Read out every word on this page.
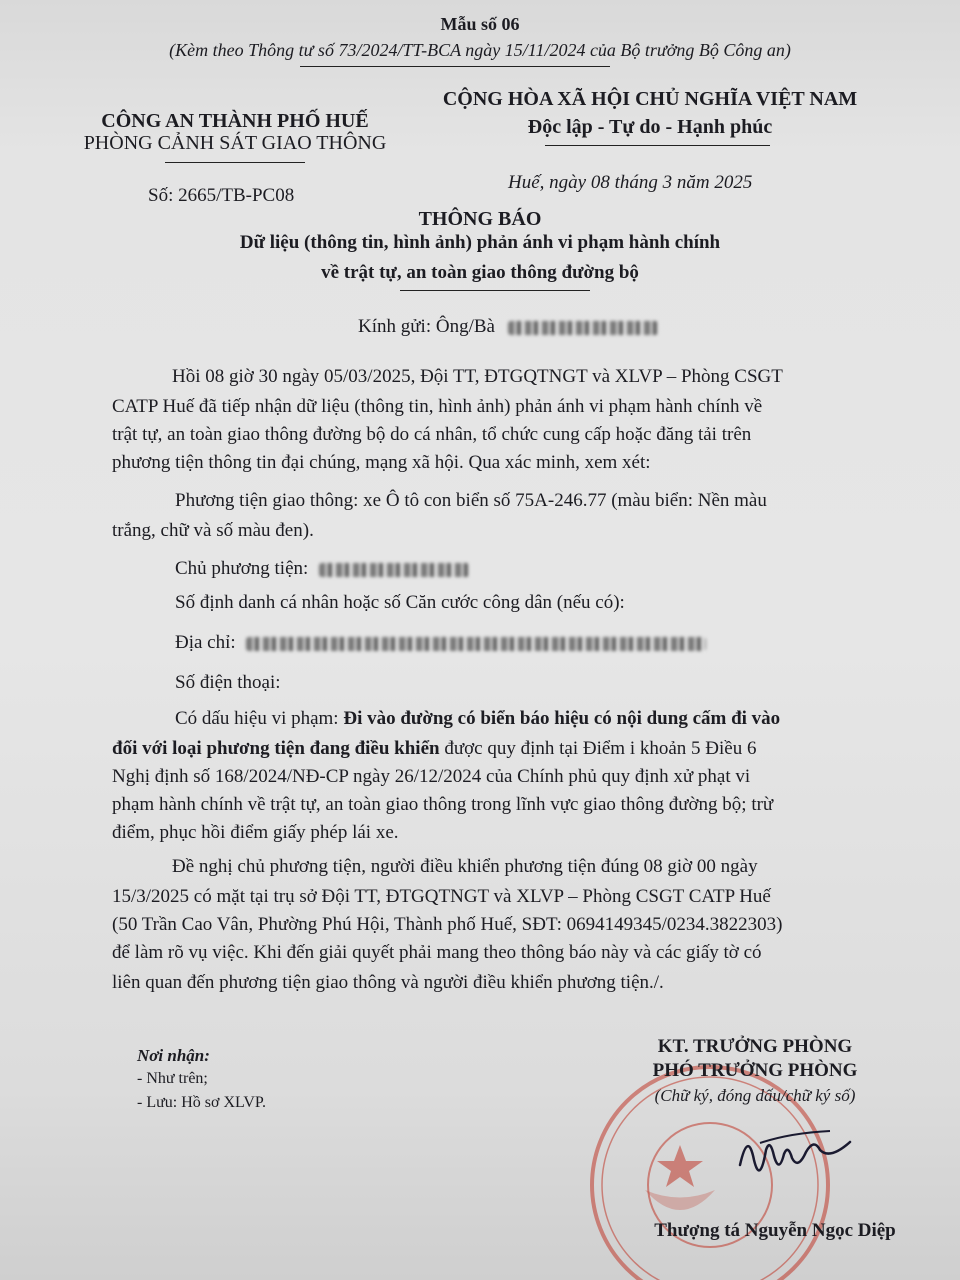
Mẫu số 06
(Kèm theo Thông tư số 73/2024/TT-BCA ngày 15/11/2024 của Bộ trưởng Bộ Công an)
CÔNG AN THÀNH PHỐ HUẾ
PHÒNG CẢNH SÁT GIAO THÔNG
Số: 2665/TB-PC08
CỘNG HÒA XÃ HỘI CHỦ NGHĨA VIỆT NAM
Độc lập - Tự do - Hạnh phúc
Huế, ngày 08 tháng 3 năm 2025
THÔNG BÁO
Dữ liệu (thông tin, hình ảnh) phản ánh vi phạm hành chính
về trật tự, an toàn giao thông đường bộ
Kính gửi: Ông/Bà
Hồi 08 giờ 30 ngày 05/03/2025, Đội TT, ĐTGQTNGT và XLVP – Phòng CSGT
CATP Huế đã tiếp nhận dữ liệu (thông tin, hình ảnh) phản ánh vi phạm hành chính về
trật tự, an toàn giao thông đường bộ do cá nhân, tổ chức cung cấp hoặc đăng tải trên
phương tiện thông tin đại chúng, mạng xã hội. Qua xác minh, xem xét:
Phương tiện giao thông: xe Ô tô con biển số 75A-246.77 (màu biển: Nền màu
trắng, chữ và số màu đen).
Chủ phương tiện:
Số định danh cá nhân hoặc số Căn cước công dân (nếu có):
Địa chỉ:
Số điện thoại:
Có dấu hiệu vi phạm: Đi vào đường có biển báo hiệu có nội dung cấm đi vào
đối với loại phương tiện đang điều khiển được quy định tại Điểm i khoản 5 Điều 6
Nghị định số 168/2024/NĐ-CP ngày 26/12/2024 của Chính phủ quy định xử phạt vi
phạm hành chính về trật tự, an toàn giao thông trong lĩnh vực giao thông đường bộ; trừ
điểm, phục hồi điểm giấy phép lái xe.
Đề nghị chủ phương tiện, người điều khiển phương tiện đúng 08 giờ 00 ngày
15/3/2025 có mặt tại trụ sở Đội TT, ĐTGQTNGT và XLVP – Phòng CSGT CATP Huế
(50 Trần Cao Vân, Phường Phú Hội, Thành phố Huế, SĐT: 0694149345/0234.3822303)
để làm rõ vụ việc. Khi đến giải quyết phải mang theo thông báo này và các giấy tờ có
liên quan đến phương tiện giao thông và người điều khiển phương tiện./.
Nơi nhận:
- Như trên;
- Lưu: Hồ sơ XLVP.
KT. TRƯỞNG PHÒNG
PHÓ TRƯỞNG PHÒNG
(Chữ ký, đóng dấu/chữ ký số)
Thượng tá Nguyễn Ngọc Diệp
